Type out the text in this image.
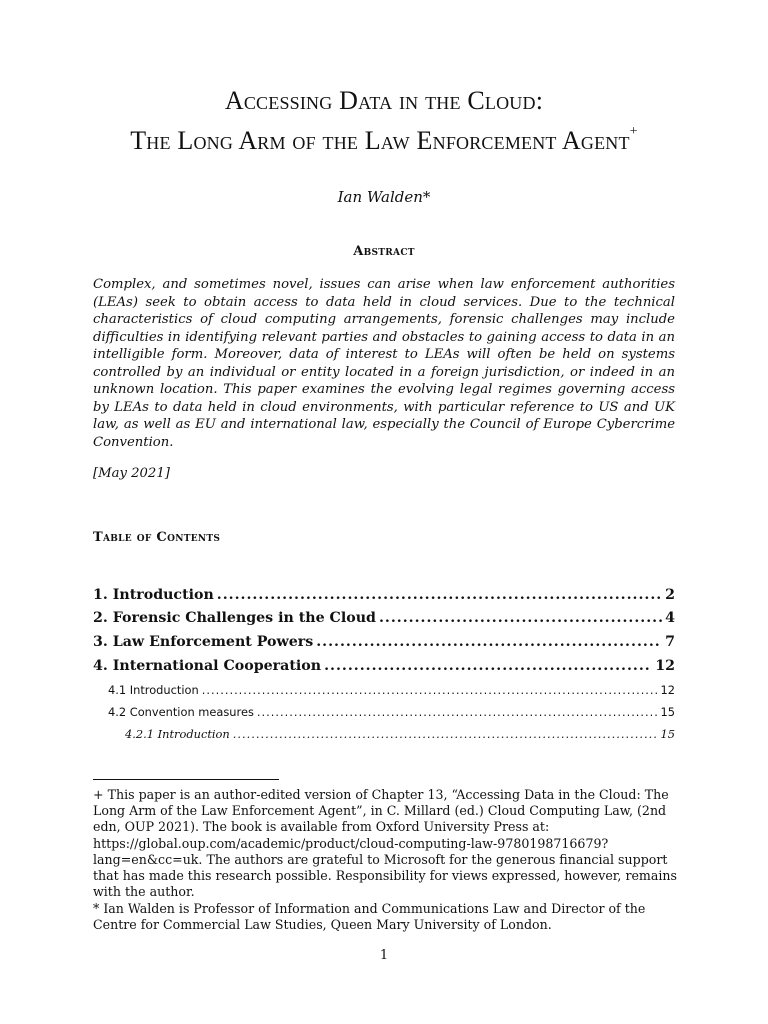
Accessing Data in the Cloud:
The Long Arm of the Law Enforcement Agent+
Ian Walden*
Abstract

Complex, and sometimes novel, issues can arise when law enforcement authorities (LEAs) seek to obtain access to data held in cloud services. Due to the technical characteristics of cloud computing arrangements, forensic challenges may include difficulties in identifying relevant parties and obstacles to gaining access to data in an intelligible form. Moreover, data of interest to LEAs will often be held on systems controlled by an individual or entity located in a foreign jurisdiction, or indeed in an unknown location. This paper examines the evolving legal regimes governing access by LEAs to data held in cloud environments, with particular reference to US and UK law, as well as EU and international law, especially the Council of Europe Cybercrime Convention.

[May 2021]
Table of Contents
1. Introduction .....	2
2. Forensic Challenges in the Cloud .....	4
3. Law Enforcement Powers .....	7
4. International Cooperation .....	12
4.1 Introduction .....	12
4.2 Convention measures .....	15
4.2.1 Introduction .....	15

+ This paper is an author-edited version of Chapter 13, “Accessing Data in the Cloud: The Long Arm of the Law Enforcement Agent”, in C. Millard (ed.) Cloud Computing Law, (2nd edn, OUP 2021). The book is available from Oxford University Press at: https://global.oup.com/academic/product/cloud-computing-law-9780198716679?lang=en&cc=uk. The authors are grateful to Microsoft for the generous financial support that has made this research possible. Responsibility for views expressed, however, remains with the author.

* Ian Walden is Professor of Information and Communications Law and Director of the Centre for Commercial Law Studies, Queen Mary University of London.

1
